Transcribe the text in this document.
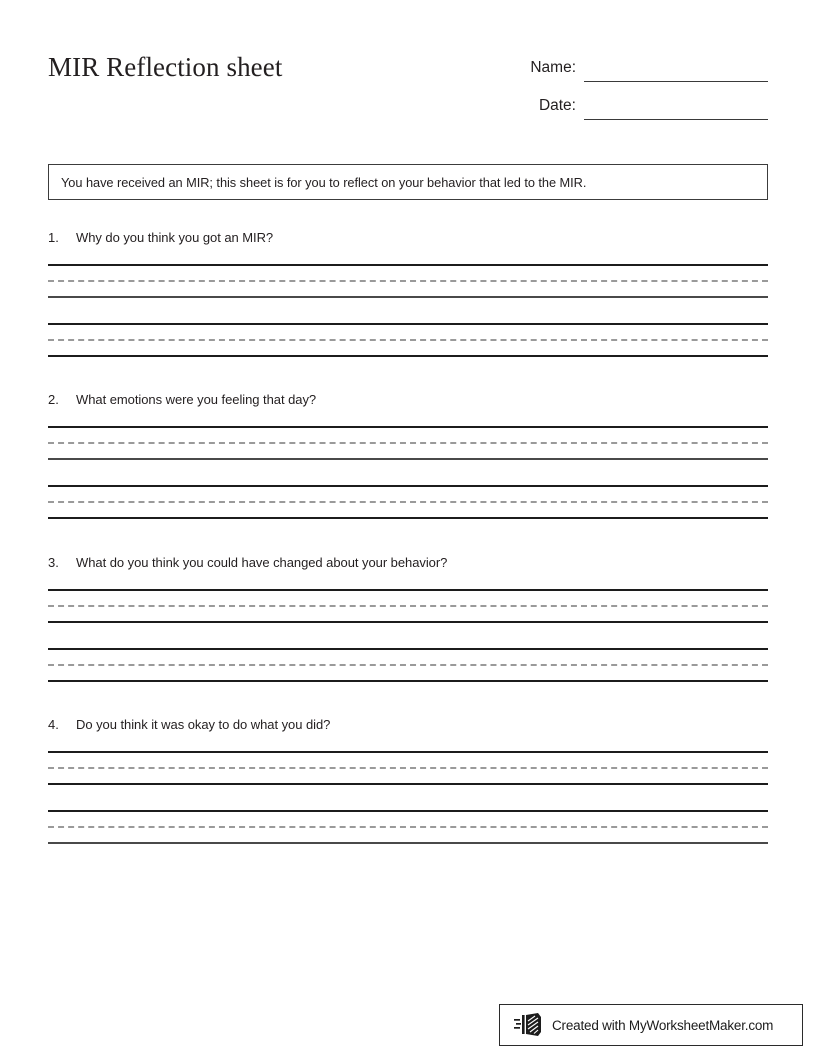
MIR Reflection sheet	Name:
Date:
You have received an MIR; this sheet is for you to reflect on your behavior that led to the MIR.
1.	Why do you think you got an MIR?
2.	What emotions were you feeling that day?
3.	What do you think you could have changed about your behavior?
4.	Do you think it was okay to do what you did?
Created with MyWorksheetMaker.com
